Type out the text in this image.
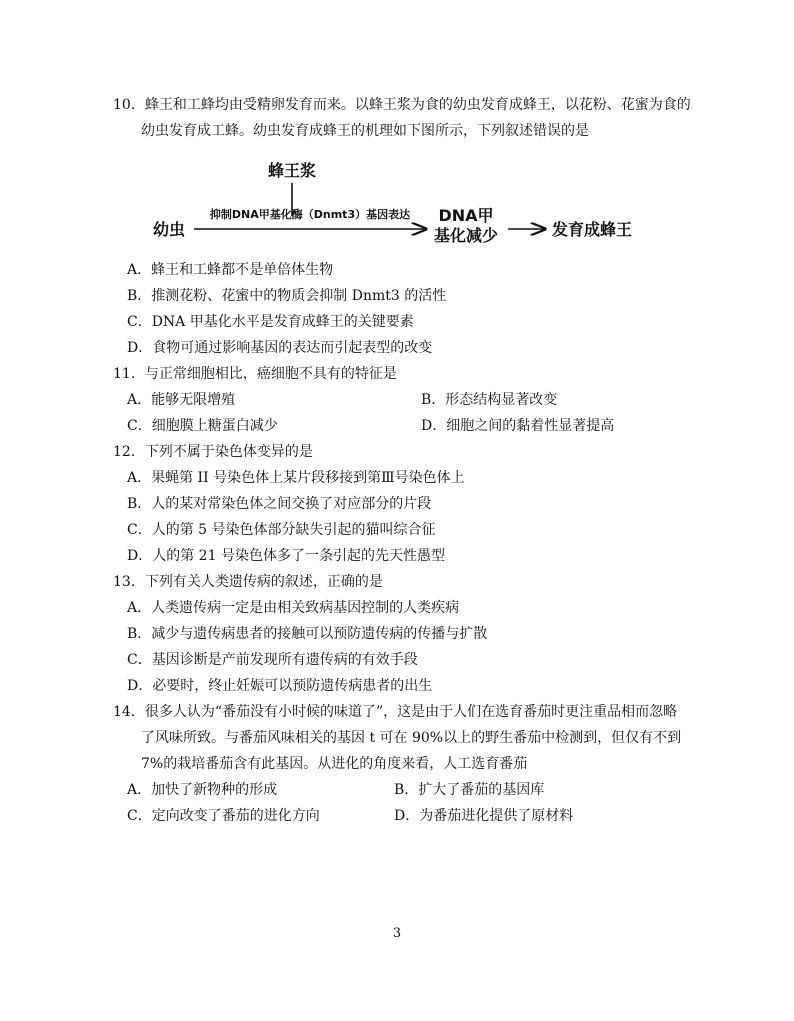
10．蜂王和工蜂均由受精卵发育而来。以蜂王浆为食的幼虫发育成蜂王，以花粉、花蜜为食的
幼虫发育成工蜂。幼虫发育成蜂王的机理如下图所示，下列叙述错误的是
蜂王浆
幼虫
抑制DNA甲基化酶（Dnmt3）基因表达 DNA甲
基化减少	发育成蜂王
A．蜂王和工蜂都不是单倍体生物
B．推测花粉、花蜜中的物质会抑制 Dnmt3 的活性
C．DNA 甲基化水平是发育成蜂王的关键要素
D．食物可通过影响基因的表达而引起表型的改变
11．与正常细胞相比，癌细胞不具有的特征是
A．能够无限增殖	B．形态结构显著改变
C．细胞膜上糖蛋白减少	D．细胞之间的黏着性显著提高
12．下列不属于染色体变异的是
A．果蝇第 II 号染色体上某片段移接到第Ⅲ号染色体上
B．人的某对常染色体之间交换了对应部分的片段
C．人的第 5 号染色体部分缺失引起的猫叫综合征
D．人的第 21 号染色体多了一条引起的先天性愚型
13．下列有关人类遗传病的叙述，正确的是
A．人类遗传病一定是由相关致病基因控制的人类疾病
B．减少与遗传病患者的接触可以预防遗传病的传播与扩散
C．基因诊断是产前发现所有遗传病的有效手段
D．必要时，终止妊娠可以预防遗传病患者的出生
14．很多人认为“番茄没有小时候的味道了”，这是由于人们在选育番茄时更注重品相而忽略
了风味所致。与番茄风味相关的基因 t 可在 90%以上的野生番茄中检测到，但仅有不到
7%的栽培番茄含有此基因。从进化的角度来看，人工选育番茄
A．加快了新物种的形成	B．扩大了番茄的基因库
C．定向改变了番茄的进化方向	D．为番茄进化提供了原材料
3
